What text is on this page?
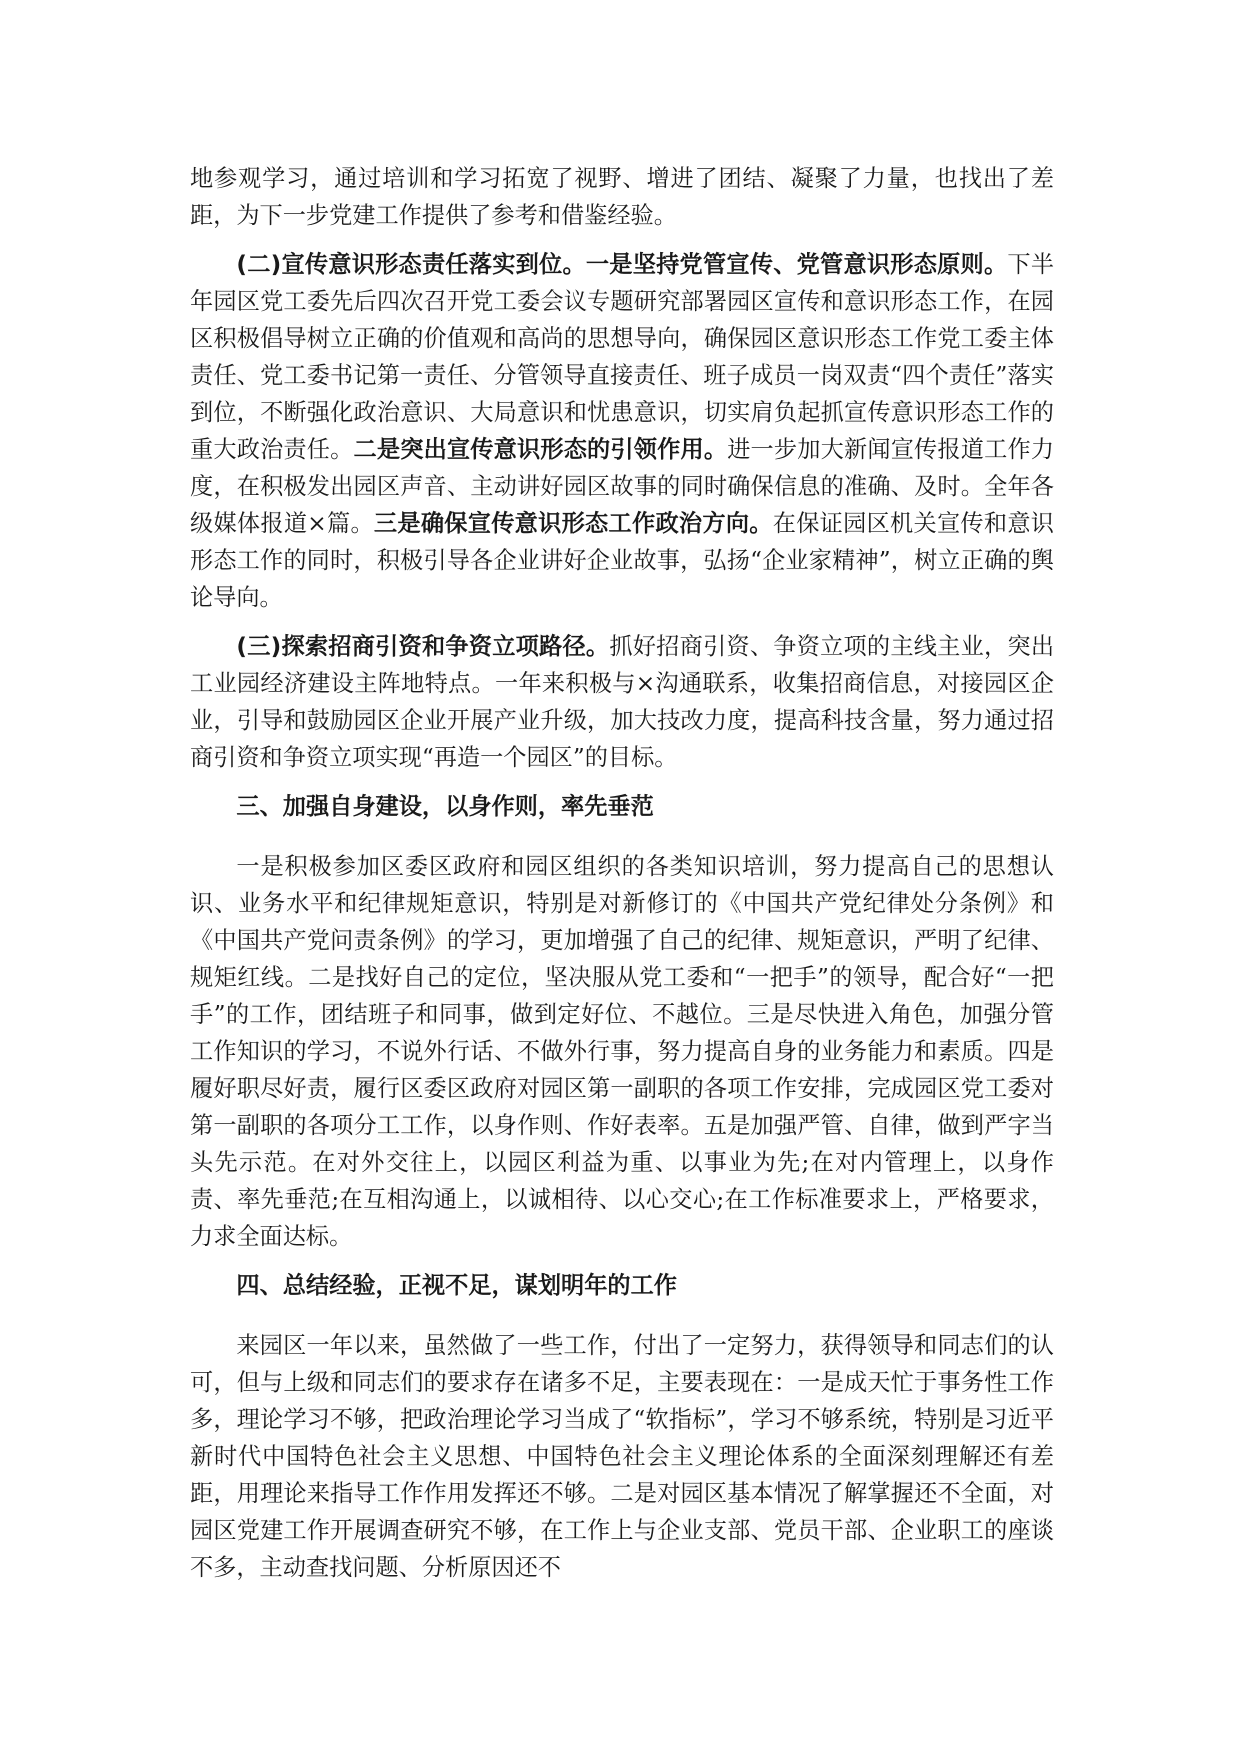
地参观学习，通过培训和学习拓宽了视野、增进了团结、凝聚了力量，也找出了差距，为下一步党建工作提供了参考和借鉴经验。

(二)宣传意识形态责任落实到位。一是坚持党管宣传、党管意识形态原则。下半年园区党工委先后四次召开党工委会议专题研究部署园区宣传和意识形态工作，在园区积极倡导树立正确的价值观和高尚的思想导向，确保园区意识形态工作党工委主体责任、党工委书记第一责任、分管领导直接责任、班子成员一岗双责“四个责任”落实到位，不断强化政治意识、大局意识和忧患意识，切实肩负起抓宣传意识形态工作的重大政治责任。二是突出宣传意识形态的引领作用。进一步加大新闻宣传报道工作力度，在积极发出园区声音、主动讲好园区故事的同时确保信息的准确、及时。全年各级媒体报道×篇。三是确保宣传意识形态工作政治方向。在保证园区机关宣传和意识形态工作的同时，积极引导各企业讲好企业故事，弘扬“企业家精神”，树立正确的舆论导向。

(三)探索招商引资和争资立项路径。抓好招商引资、争资立项的主线主业，突出工业园经济建设主阵地特点。一年来积极与×沟通联系，收集招商信息，对接园区企业，引导和鼓励园区企业开展产业升级，加大技改力度，提高科技含量，努力通过招商引资和争资立项实现“再造一个园区”的目标。

三、加强自身建设，以身作则，率先垂范

一是积极参加区委区政府和园区组织的各类知识培训，努力提高自己的思想认识、业务水平和纪律规矩意识，特别是对新修订的《中国共产党纪律处分条例》和《中国共产党问责条例》的学习，更加增强了自己的纪律、规矩意识，严明了纪律、规矩红线。二是找好自己的定位，坚决服从党工委和“一把手”的领导，配合好“一把手”的工作，团结班子和同事，做到定好位、不越位。三是尽快进入角色，加强分管工作知识的学习，不说外行话、不做外行事，努力提高自身的业务能力和素质。四是履好职尽好责，履行区委区政府对园区第一副职的各项工作安排，完成园区党工委对第一副职的各项分工工作，以身作则、作好表率。五是加强严管、自律，做到严字当头先示范。在对外交往上，以园区利益为重、以事业为先;在对内管理上，以身作责、率先垂范;在互相沟通上，以诚相待、以心交心;在工作标准要求上，严格要求，力求全面达标。

四、总结经验，正视不足，谋划明年的工作

来园区一年以来，虽然做了一些工作，付出了一定努力，获得领导和同志们的认可，但与上级和同志们的要求存在诸多不足，主要表现在：一是成天忙于事务性工作多，理论学习不够，把政治理论学习当成了“软指标”，学习不够系统，特别是习近平新时代中国特色社会主义思想、中国特色社会主义理论体系的全面深刻理解还有差距，用理论来指导工作作用发挥还不够。二是对园区基本情况了解掌握还不全面，对园区党建工作开展调查研究不够，在工作上与企业支部、党员干部、企业职工的座谈不多，主动查找问题、分析原因还不
